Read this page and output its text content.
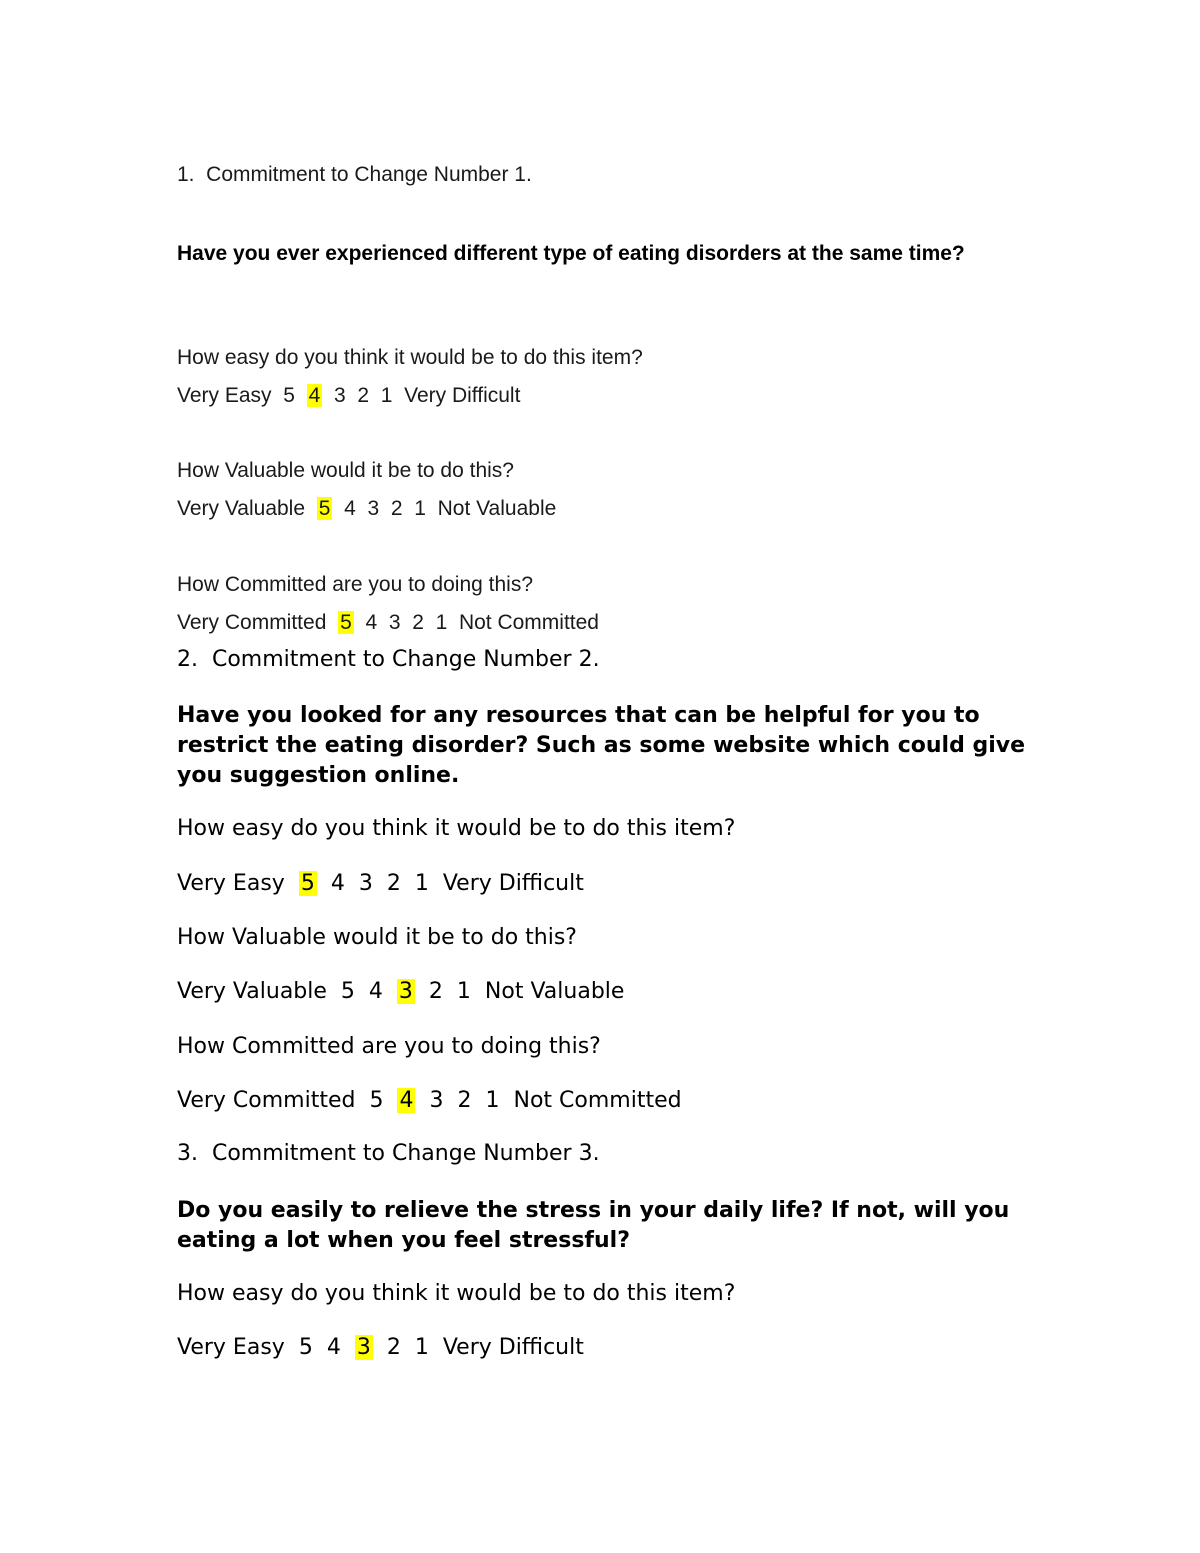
1.  Commitment to Change Number 1.

Have you ever experienced different type of eating disorders at the same time?

How easy do you think it would be to do this item?

Very Easy 5 4 3 2 1 Very Difficult

How Valuable would it be to do this?

Very Valuable 5 4 3 2 1 Not Valuable

How Committed are you to doing this?

Very Committed 5 4 3 2 1 Not Committed

2.  Commitment to Change Number 2.

Have you looked for any resources that can be helpful for you to restrict the eating disorder? Such as some website which could give you suggestion online.

How easy do you think it would be to do this item?

Very Easy 5 4 3 2 1 Very Difficult

How Valuable would it be to do this?

Very Valuable 5 4 3 2 1 Not Valuable

How Committed are you to doing this?

Very Committed 5 4 3 2 1 Not Committed

3.  Commitment to Change Number 3.

Do you easily to relieve the stress in your daily life? If not, will you eating a lot when you feel stressful?

How easy do you think it would be to do this item?

Very Easy 5 4 3 2 1 Very Difficult
